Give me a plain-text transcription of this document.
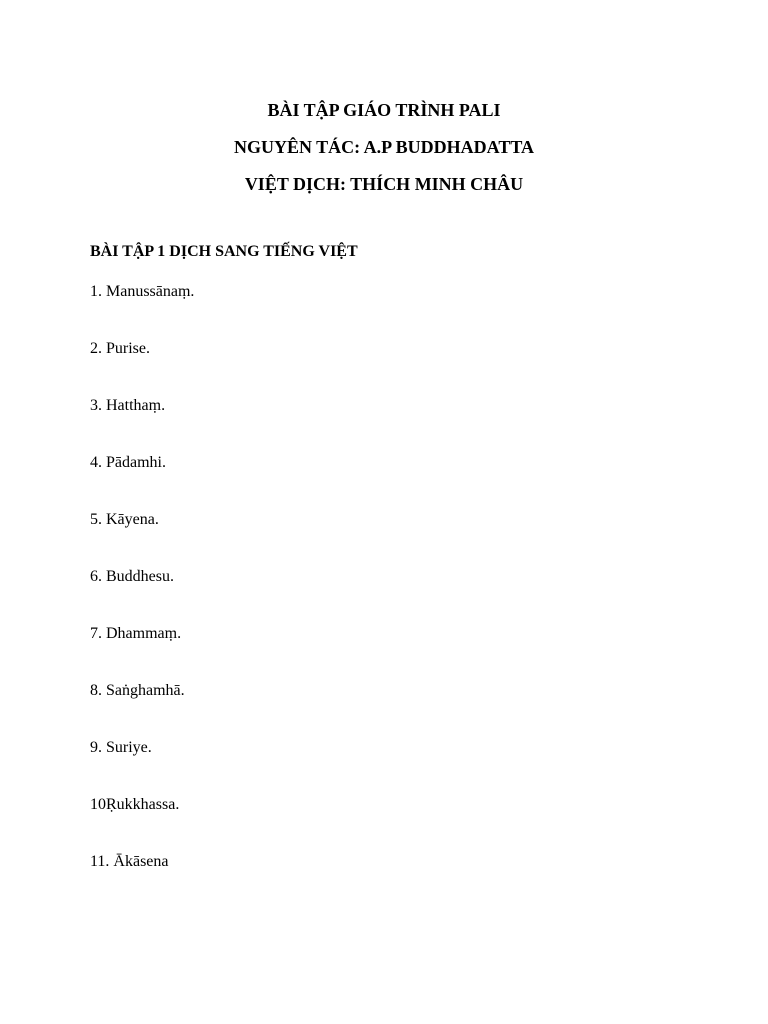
BÀI TẬP GIÁO TRÌNH PALI
NGUYÊN TÁC: A.P BUDDHADATTA
VIỆT DỊCH: THÍCH MINH CHÂU
BÀI TẬP 1 DỊCH SANG TIẾNG VIỆT
1. Manussānaṃ.
2. Purise.
3. Hatthaṃ.
4. Pādamhi.
5. Kāyena.
6. Buddhesu.
7. Dhammaṃ.
8. Saṅghamhā.
9. Suriye.
10Ṛukkhassa.
11. Ākāsena
